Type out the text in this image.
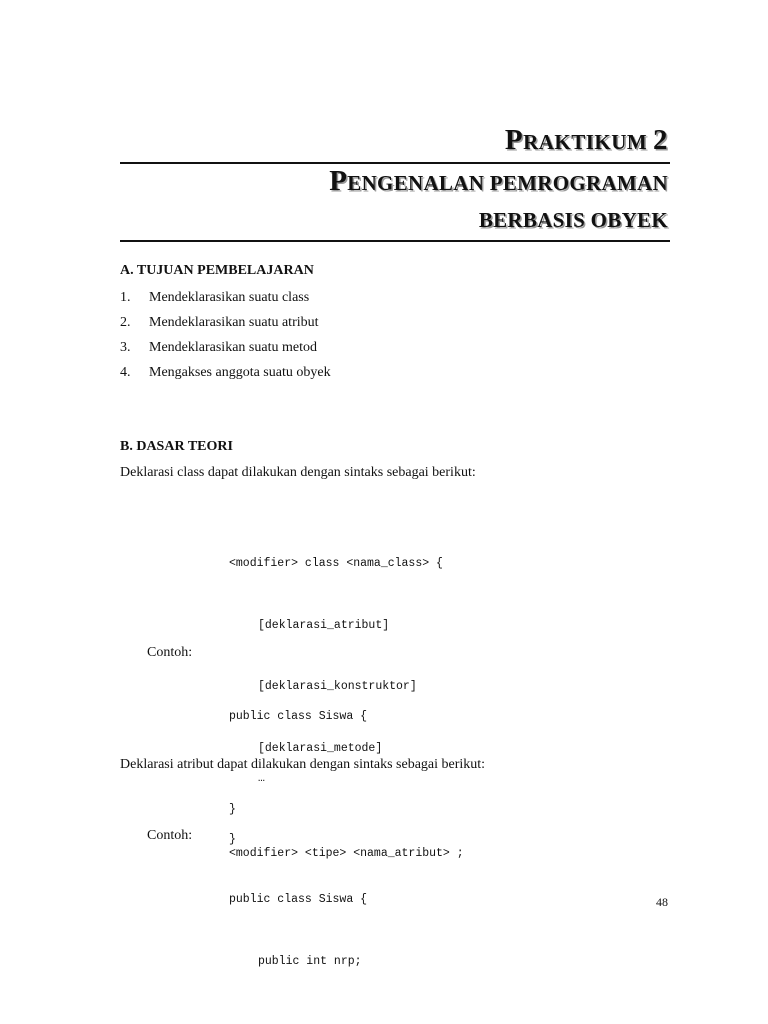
PRAKTIKUM 2
PENGENALAN PEMROGRAMAN
BERBASIS OBYEK
A. TUJUAN PEMBELAJARAN
1. Mendeklarasikan suatu class
2. Mendeklarasikan suatu atribut
3. Mendeklarasikan suatu metod
4. Mengakses anggota suatu obyek
B. DASAR TEORI
Deklarasi class dapat dilakukan dengan sintaks sebagai berikut:

<modifier> class <nama_class> {

[deklarasi_atribut]

[deklarasi_konstruktor]

[deklarasi_metode]

}

Contoh:

public class Siswa {

…

}

Deklarasi atribut dapat dilakukan dengan sintaks sebagai berikut:

<modifier> <tipe> <nama_atribut> ;

Contoh:

public class Siswa {

public int nrp;

48
